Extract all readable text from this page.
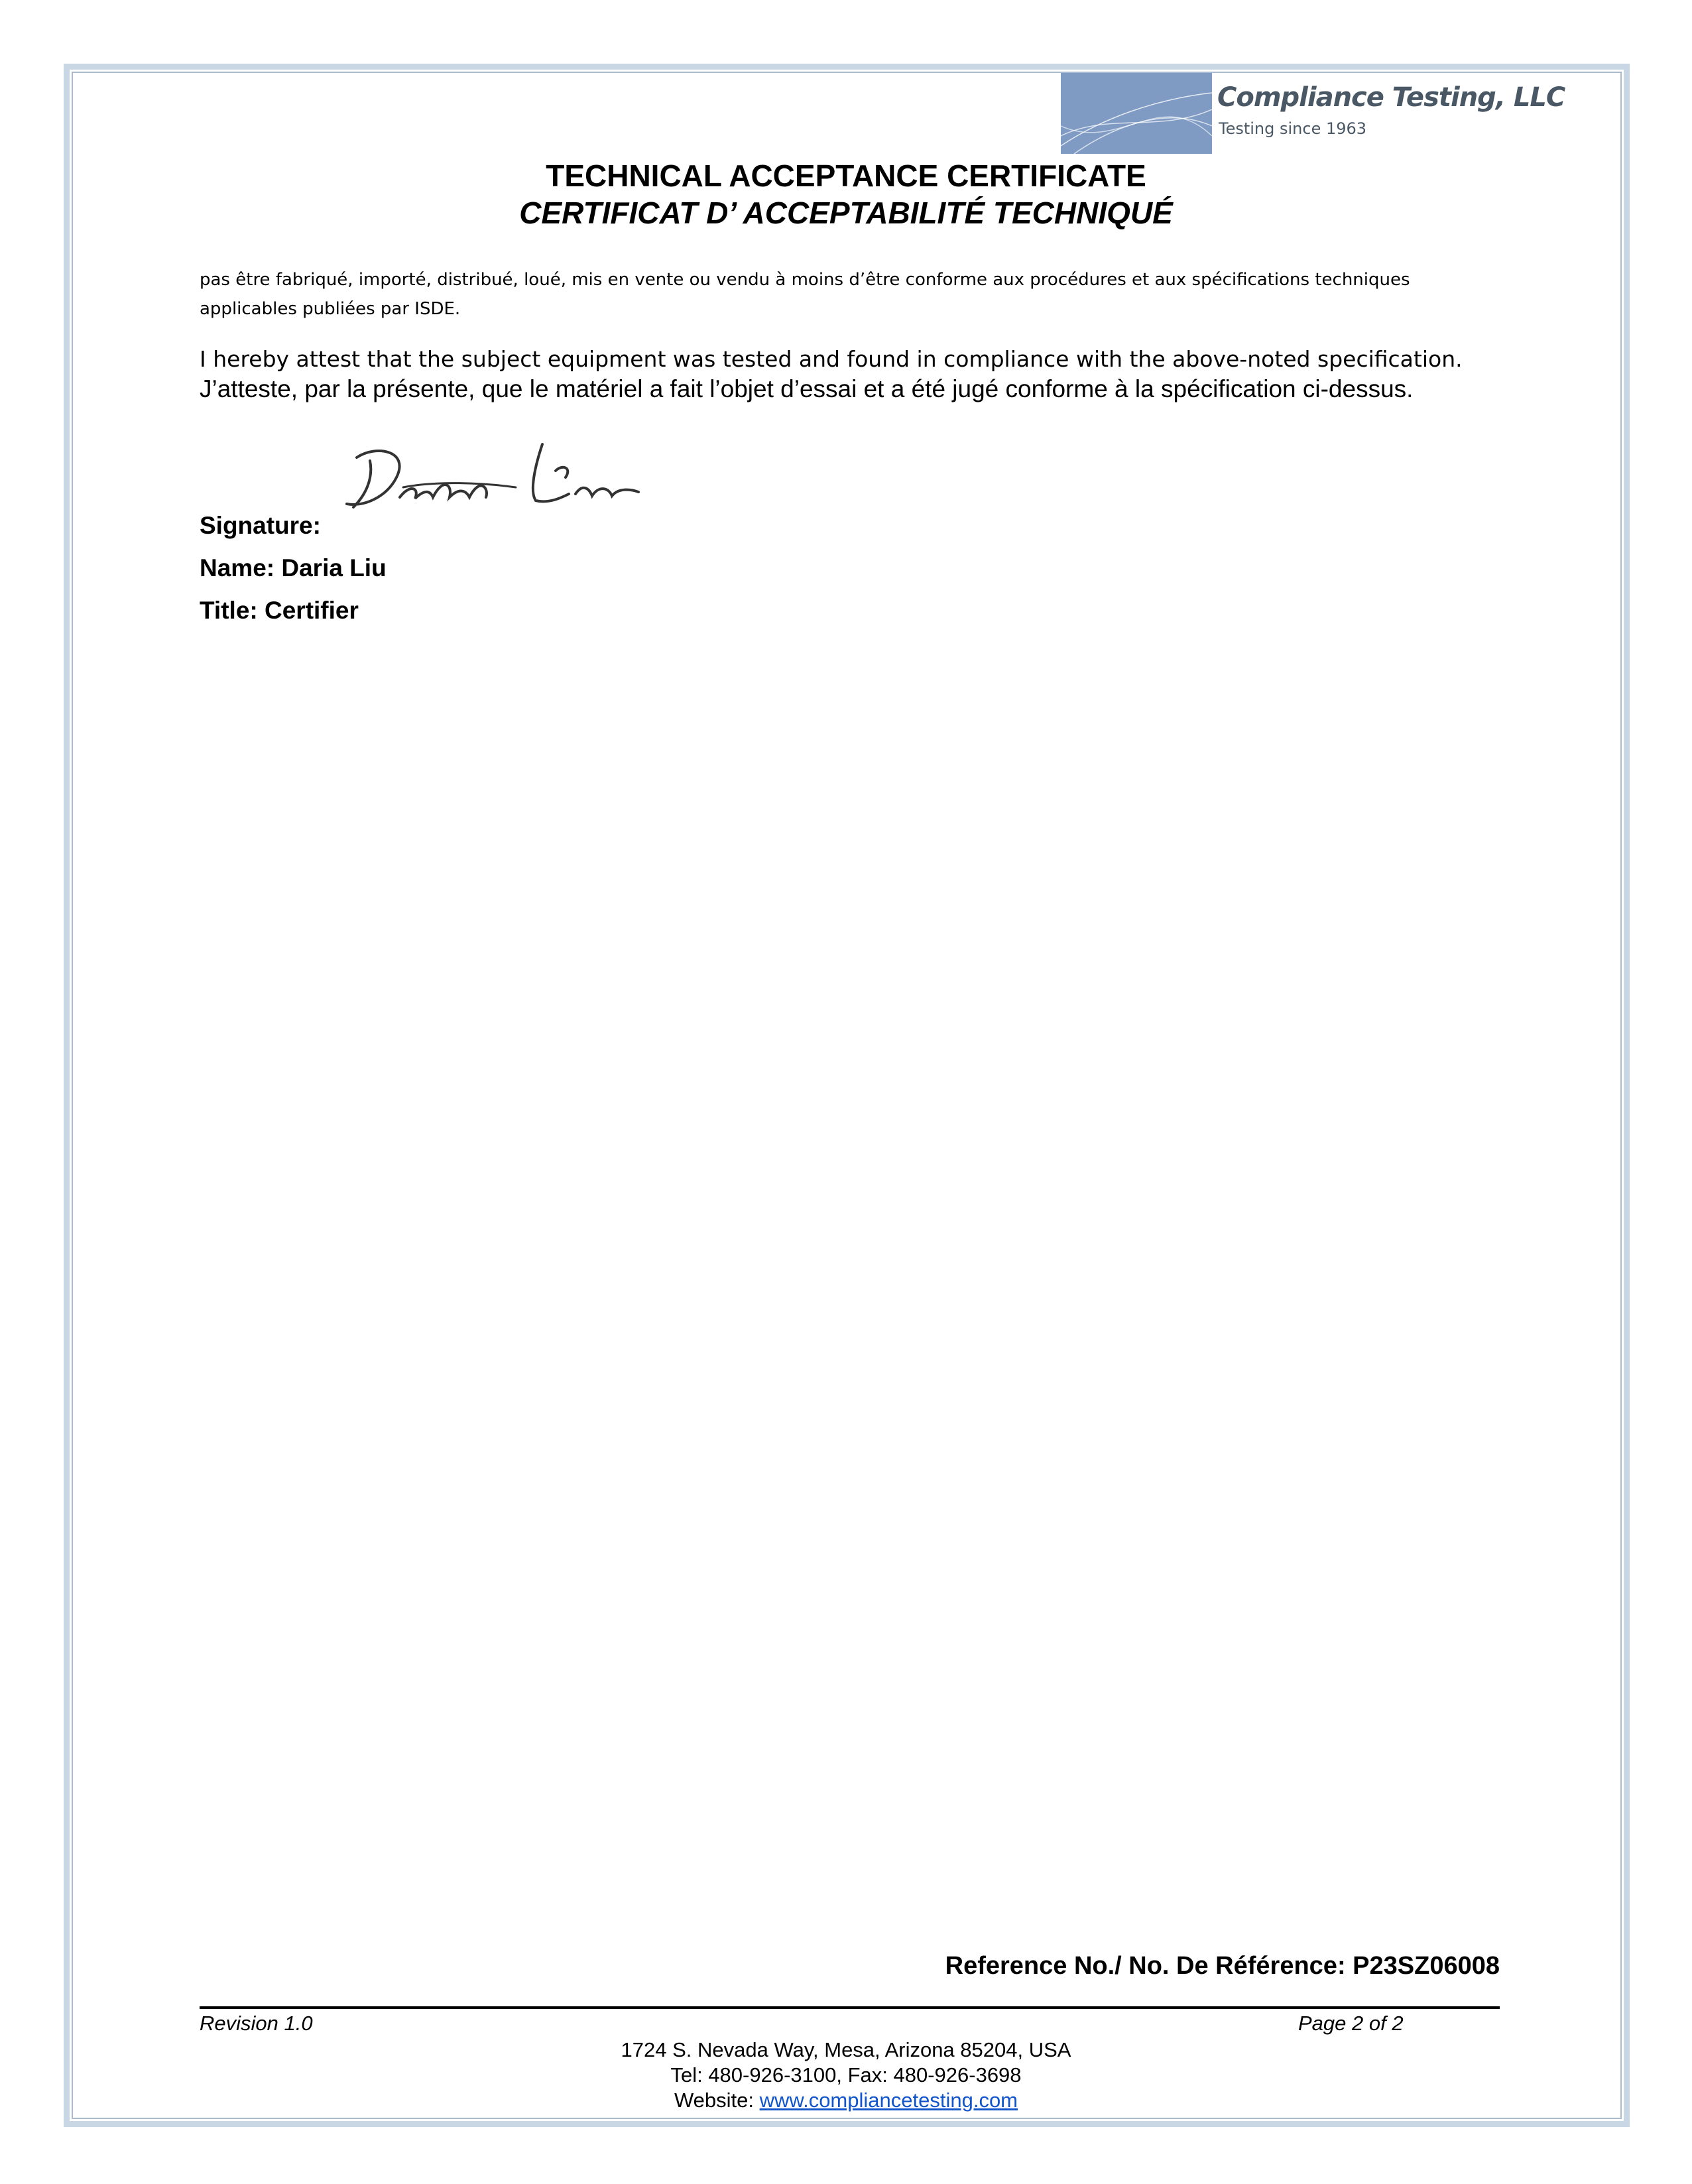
Compliance Testing, LLC
Testing since 1963
TECHNICAL ACCEPTANCE CERTIFICATE
CERTIFICAT D’ ACCEPTABILITÉ TECHNIQUÉ
pas être fabriqué, importé, distribué, loué, mis en vente ou vendu à moins d’être conforme aux procédures et aux spécifications techniques applicables publiées par ISDE.
I hereby attest that the subject equipment was tested and found in compliance with the above-noted specification.
J’atteste, par la présente, que le matériel a fait l’objet d’essai et a été jugé conforme à la spécification ci-dessus.
Signature:
Name: Daria Liu
Title: Certifier
Reference No./ No. De Référence: P23SZ06008
Revision 1.0	Page 2 of 2
1724 S. Nevada Way, Mesa, Arizona 85204, USA
Tel: 480-926-3100, Fax: 480-926-3698
Website: www.compliancetesting.com
